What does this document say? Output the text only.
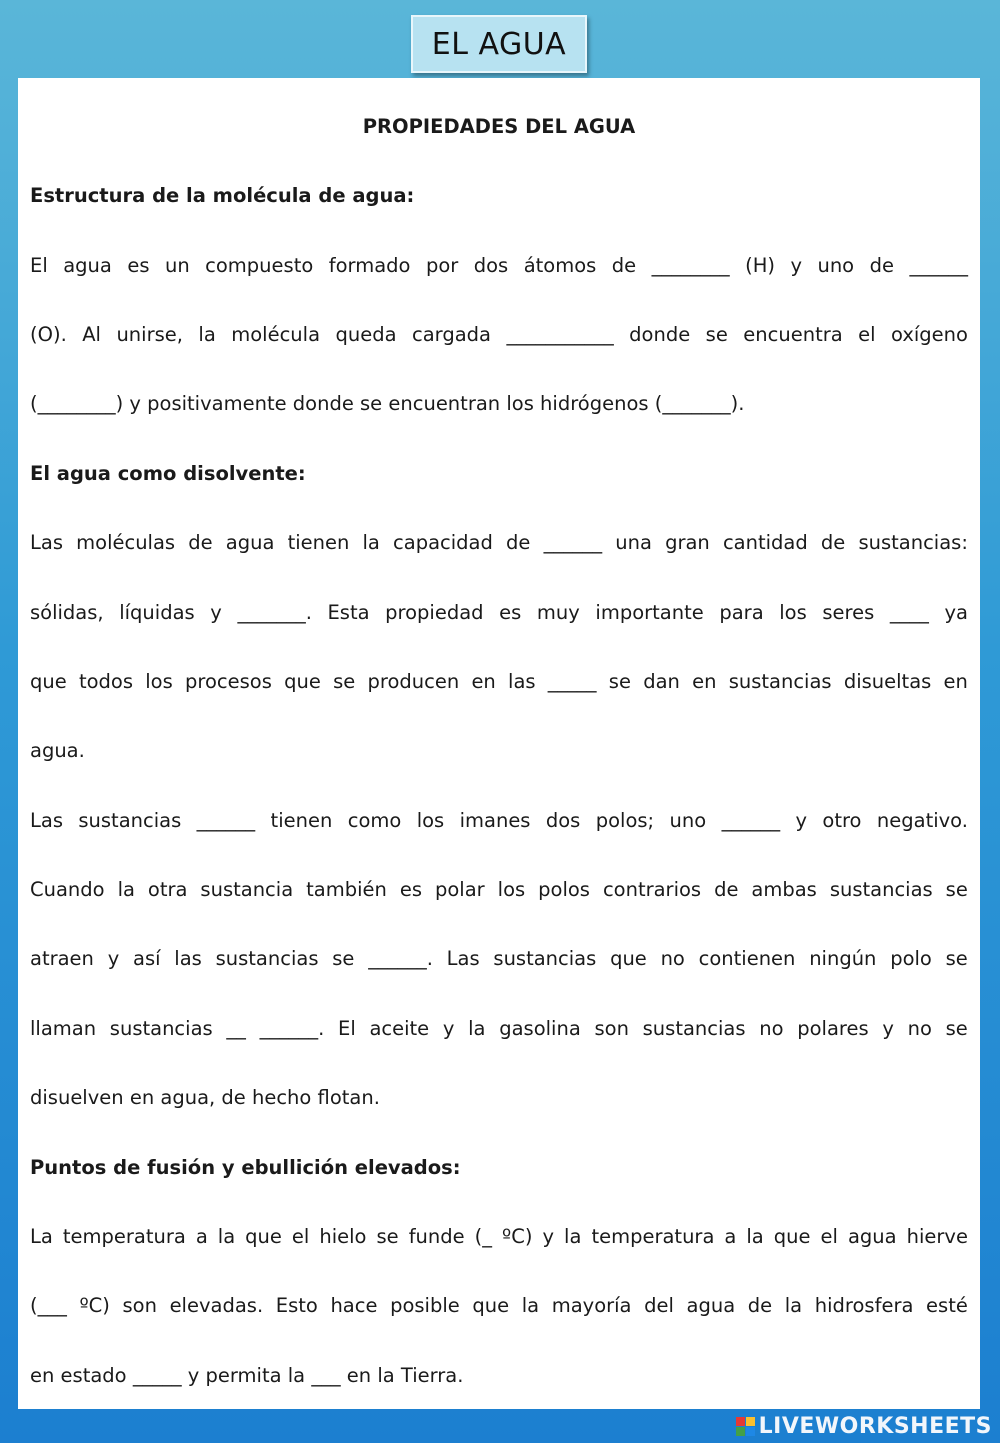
EL AGUA
PROPIEDADES DEL AGUA
Estructura de la molécula de agua:
El agua es un compuesto formado por dos átomos de ________ (H) y uno de ______
(O). Al unirse, la molécula queda cargada ___________ donde se encuentra el oxígeno
(________) y positivamente donde se encuentran los hidrógenos (_______).
El agua como disolvente:
Las moléculas de agua tienen la capacidad de ______ una gran cantidad de sustancias:
sólidas, líquidas y _______. Esta propiedad es muy importante para los seres ____ ya
que todos los procesos que se producen en las _____ se dan en sustancias disueltas en
agua.
Las sustancias ______ tienen como los imanes dos polos; uno ______ y otro negativo.
Cuando la otra sustancia también es polar los polos contrarios de ambas sustancias se
atraen y así las sustancias se ______. Las sustancias que no contienen ningún polo se
llaman sustancias __ ______. El aceite y la gasolina son sustancias no polares y no se
disuelven en agua, de hecho flotan.
Puntos de fusión y ebullición elevados:
La temperatura a la que el hielo se funde (_ ºC) y la temperatura a la que el agua hierve
(___ ºC) son elevadas. Esto hace posible que la mayoría del agua de la hidrosfera esté
en estado _____ y permita la ___ en la Tierra.
LIVEWORKSHEETS
